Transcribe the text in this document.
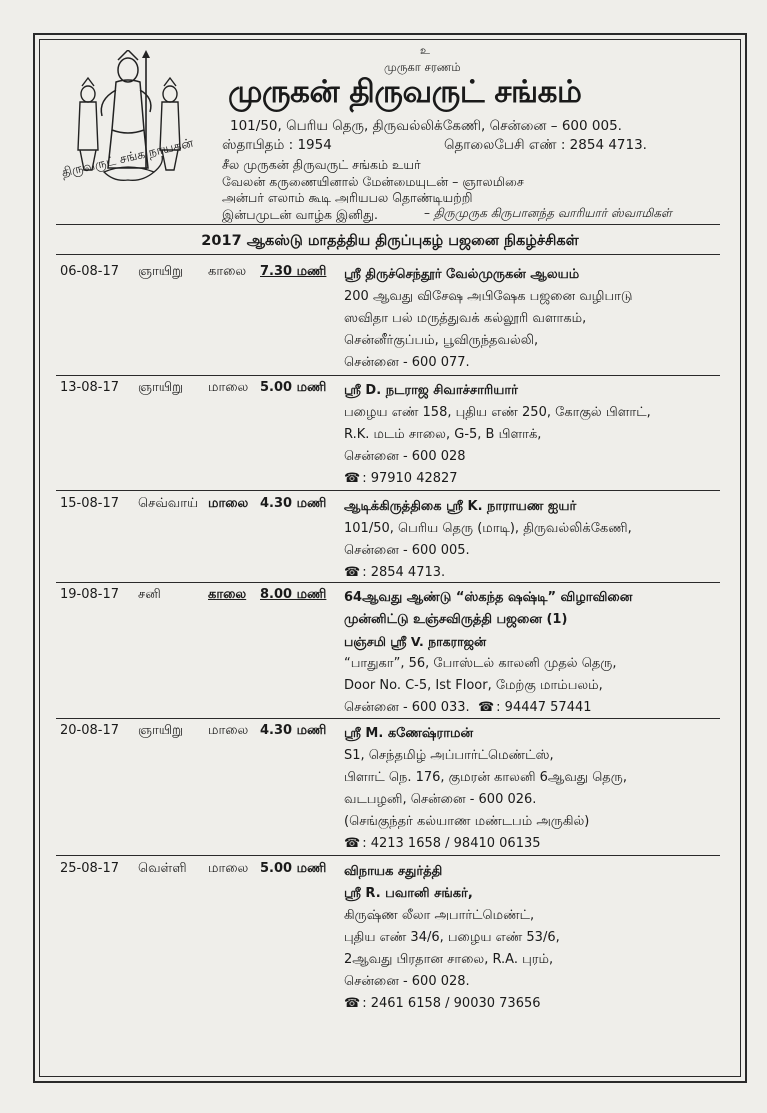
திருவருட் சங்க நாயகன்
உ
முருகா சரணம்
முருகன் திருவருட் சங்கம்
101/50, பெரிய தெரு, திருவல்லிக்கேணி, சென்னை – 600 005.
ஸ்தாபிதம் : 1954	தொலைபேசி எண் : 2854 4713.
சீல முருகன் திருவருட் சங்கம் உயர்
வேலன் கருணையினால் மேன்மையுடன் – ஞாலமிசை
அன்பர் எலாம் கூடி அரியபல தொண்டியற்றி
இன்பமுடன் வாழ்க இனிது.	– திருமுருக கிருபானந்த வாரியார் ஸ்வாமிகள்
2017 ஆகஸ்டு மாதத்திய திருப்புகழ் பஜனை நிகழ்ச்சிகள்
06-08-17 ஞாயிறு காலை 7.30 மணி ஸ்ரீ திருச்செந்தூர் வேல்முருகன் ஆலயம்
200 ஆவது விசேஷ அபிஷேக பஜனை வழிபாடு
ஸவிதா பல் மருத்துவக் கல்லூரி வளாகம்,
சென்னீர்குப்பம், பூவிருந்தவல்லி,
சென்னை - 600 077.
13-08-17 ஞாயிறு மாலை 5.00 மணி ஸ்ரீ D. நடராஜ சிவாச்சாரியார்
பழைய எண் 158, புதிய எண் 250, கோகுல் பிளாட்,
R.K. மடம் சாலை, G-5, B பிளாக்,
சென்னை - 600 028
☎ : 97910 42827
15-08-17 செவ்வாய் மாலை 4.30 மணி ஆடிக்கிருத்திகை ஸ்ரீ K. நாராயண ஐயர்
101/50, பெரிய தெரு (மாடி), திருவல்லிக்கேணி,
சென்னை - 600 005.
☎ : 2854 4713.
19-08-17 சனி	காலை 8.00 மணி 64ஆவது ஆண்டு “ஸ்கந்த ஷஷ்டி” விழாவினை
முன்னிட்டு உஞ்சவிருத்தி பஜனை (1)
பஞ்சமி ஸ்ரீ V. நாகராஜன்
“பாதுகா”, 56, போஸ்டல் காலனி முதல் தெரு,
Door No. C-5, Ist Floor, மேற்கு மாம்பலம்,
சென்னை - 600 033. ☎ : 94447 57441
20-08-17 ஞாயிறு மாலை 4.30 மணி ஸ்ரீ M. கணேஷ்ராமன்
S1, செந்தமிழ் அப்பார்ட்மெண்ட்ஸ்,
பிளாட் நெ. 176, குமரன் காலனி 6ஆவது தெரு,
வடபழனி, சென்னை - 600 026.
(செங்குந்தர் கல்யாண மண்டபம் அருகில்)
☎ : 4213 1658 / 98410 06135
25-08-17 வெள்ளி மாலை 5.00 மணி விநாயக சதுர்த்தி
ஸ்ரீ R. பவானி சங்கர்,
கிருஷ்ண லீலா அபார்ட்மெண்ட்,
புதிய எண் 34/6, பழைய எண் 53/6,
2ஆவது பிரதான சாலை, R.A. புரம்,
சென்னை - 600 028.
☎ : 2461 6158 / 90030 73656
